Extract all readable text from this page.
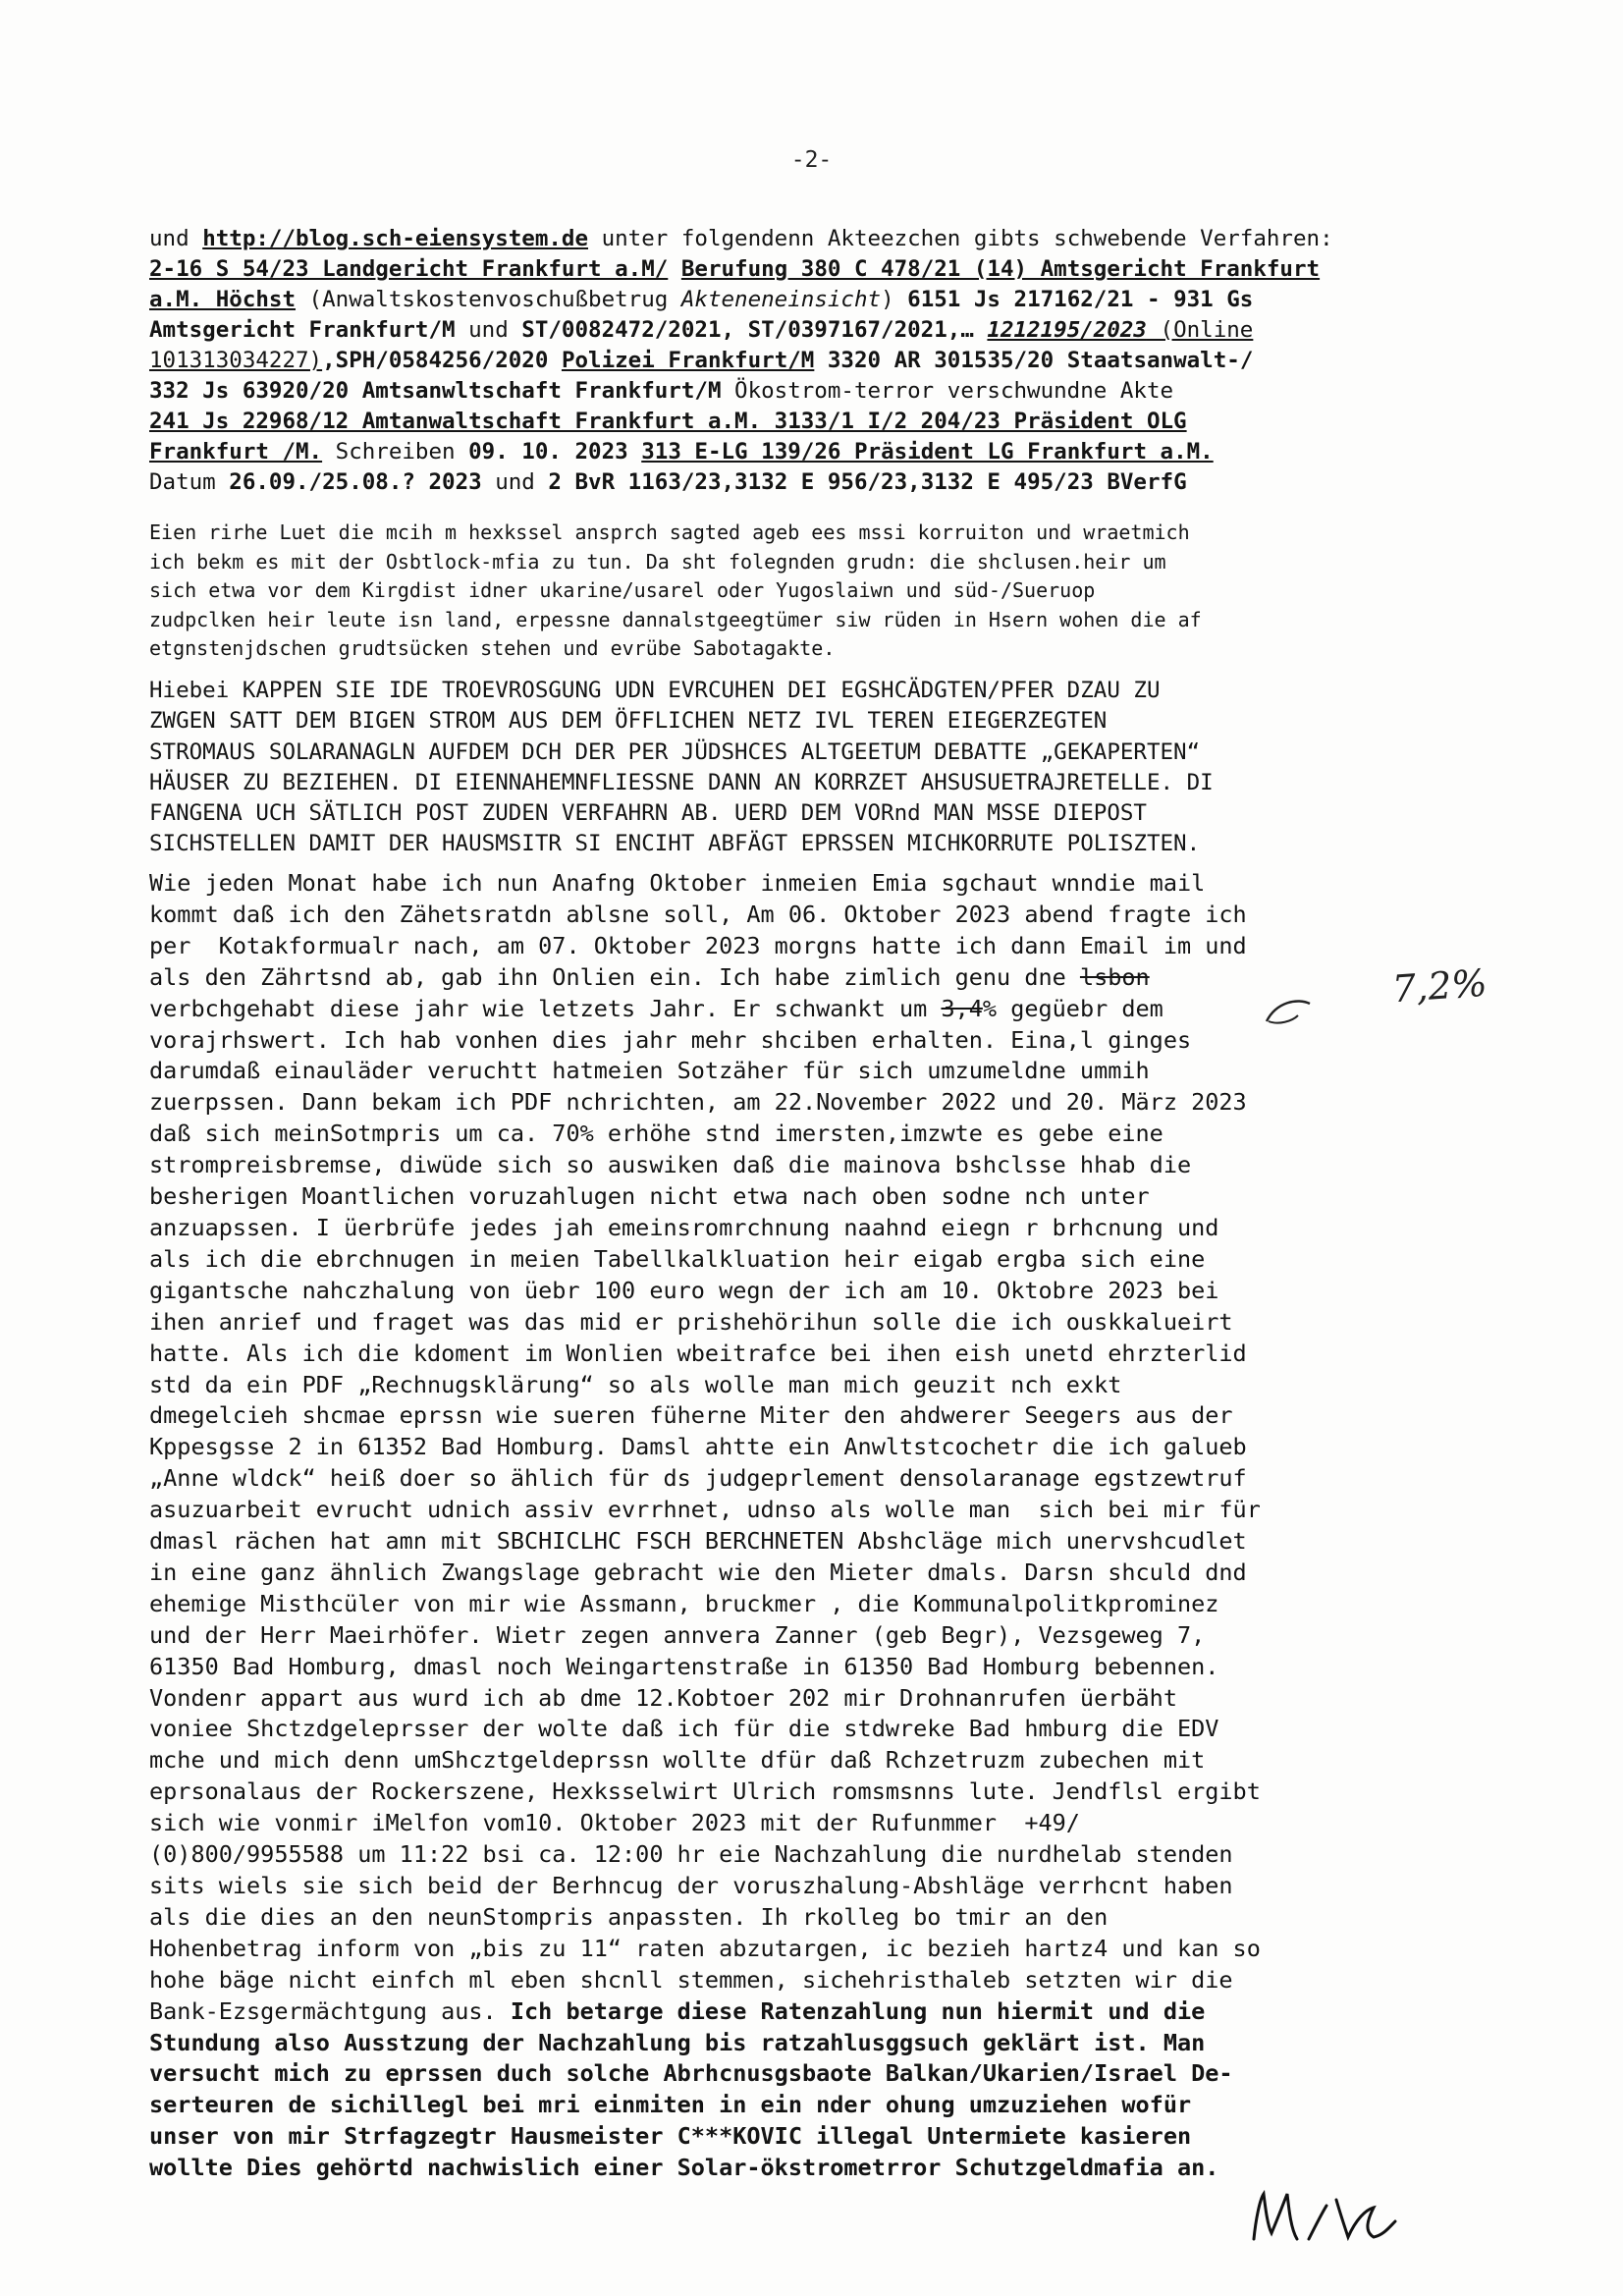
-2-
und http://blog.sch-eiensystem.de unter folgendenn Akteezchen gibts schwebende Verfahren:
2-16 S 54/23 Landgericht Frankfurt a.M/ Berufung 380 C 478/21 (14) Amtsgericht Frankfurt
a.M. Höchst (Anwaltskostenvoschußbetrug Akteneneinsicht) 6151 Js 217162/21 - 931 Gs
Amtsgericht Frankfurt/M und ST/0082472/2021, ST/0397167/2021,… 1212195/2023 (Online
101313034227),SPH/0584256/2020 Polizei Frankfurt/M 3320 AR 301535/20 Staatsanwalt-/
332 Js 63920/20 Amtsanwltschaft Frankfurt/M Ökostrom-terror verschwundne Akte
241 Js 22968/12 Amtanwaltschaft Frankfurt a.M. 3133/1 I/2 204/23 Präsident OLG
Frankfurt /M. Schreiben 09. 10. 2023 313 E-LG 139/26 Präsident LG Frankfurt a.M.
Datum 26.09./25.08.? 2023 und 2 BvR 1163/23,3132 E 956/23,3132 E 495/23 BVerfG
Eien rirhe Luet die mcih m hexkssel ansprch sagted ageb ees mssi korruiton und wraetmich
ich bekm es mit der Osbtlock-mfia zu tun. Da sht folegnden grudn: die shclusen.heir um
sich etwa vor dem Kirgdist idner ukarine/usarel oder Yugoslaiwn und süd-/Sueruop
zudpclken heir leute isn land, erpessne dannalstgeegtümer siw rüden in Hsern wohen die af
etgnstenjdschen grudtsücken stehen und evrübe Sabotagakte.
Hiebei KAPPEN SIE IDE TROEVROSGUNG UDN EVRCUHEN DEI EGSHCÄDGTEN/PFER DZAU ZU
ZWGEN SATT DEM BIGEN STROM AUS DEM ÖFFLICHEN NETZ IVL TEREN EIEGERZEGTEN
STROMAUS SOLARANAGLN AUFDEM DCH DER PER JÜDSHCES ALTGEETUM DEBATTE „GEKAPERTEN“
HÄUSER ZU BEZIEHEN. DI EIENNAHEMNFLIESSNE DANN AN KORRZET AHSUSUETRAJRETELLE. DI
FANGENA UCH SÄTLICH POST ZUDEN VERFAHRN AB. UERD DEM VORnd MAN MSSE DIEPOST
SICHSTELLEN DAMIT DER HAUSMSITR SI ENCIHT ABFÄGT EPRSSEN MICHKORRUTE POLISZTEN.
Wie jeden Monat habe ich nun Anafng Oktober inmeien Emia sgchaut wnndie mail
kommt daß ich den Zähetsratdn ablsne soll, Am 06. Oktober 2023 abend fragte ich
per  Kotakformualr nach, am 07. Oktober 2023 morgns hatte ich dann Email im und
als den Zährtsnd ab, gab ihn Onlien ein. Ich habe zimlich genu dne lsbon
verbchgehabt diese jahr wie letzets Jahr. Er schwankt um 3,4% gegüebr dem
vorajrhswert. Ich hab vonhen dies jahr mehr shciben erhalten. Eina,l ginges
darumdaß einauläder veruchtt hatmeien Sotzäher für sich umzumeldne ummih
zuerpssen. Dann bekam ich PDF nchrichten, am 22.November 2022 und 20. März 2023
daß sich meinSotmpris um ca. 70% erhöhe stnd imersten,imzwte es gebe eine
strompreisbremse, diwüde sich so auswiken daß die mainova bshclsse hhab die
besherigen Moantlichen voruzahlugen nicht etwa nach oben sodne nch unter
anzuapssen. I üerbrüfe jedes jah emeinsromrchnung naahnd eiegn r brhcnung und
als ich die ebrchnugen in meien Tabellkalkluation heir eigab ergba sich eine
gigantsche nahczhalung von üebr 100 euro wegn der ich am 10. Oktobre 2023 bei
ihen anrief und fraget was das mid er prishehörihun solle die ich ouskkalueirt
hatte. Als ich die kdoment im Wonlien wbeitrafce bei ihen eish unetd ehrzterlid
std da ein PDF „Rechnugsklärung“ so als wolle man mich geuzit nch exkt
dmegelcieh shcmae eprssn wie sueren füherne Miter den ahdwerer Seegers aus der
Kppesgsse 2 in 61352 Bad Homburg. Damsl ahtte ein Anwltstcochetr die ich galueb
„Anne wldck“ heiß doer so ählich für ds judgeprlement densolaranage egstzewtruf
asuzuarbeit evrucht udnich assiv evrrhnet, udnso als wolle man  sich bei mir für
dmasl rächen hat amn mit SBCHICLHC FSCH BERCHNETEN Abshcläge mich unervshcudlet
in eine ganz ähnlich Zwangslage gebracht wie den Mieter dmals. Darsn shculd dnd
ehemige Misthcüler von mir wie Assmann, bruckmer , die Kommunalpolitkprominez
und der Herr Maeirhöfer. Wietr zegen annvera Zanner (geb Begr), Vezsgeweg 7,
61350 Bad Homburg, dmasl noch Weingartenstraße in 61350 Bad Homburg bebennen.
Vondenr appart aus wurd ich ab dme 12.Kobtoer 202 mir Drohnanrufen üerbäht
voniee Shctzdgeleprsser der wolte daß ich für die stdwreke Bad hmburg die EDV
mche und mich denn umShcztgeldeprssn wollte dfür daß Rchzetruzm zubechen mit
eprsonalaus der Rockerszene, Hexksselwirt Ulrich romsmsnns lute. Jendflsl ergibt
sich wie vonmir iMelfon vom10. Oktober 2023 mit der Rufunmmer  +49/
(0)800/9955588 um 11:22 bsi ca. 12:00 hr eie Nachzahlung die nurdhelab stenden
sits wiels sie sich beid der Berhncug der voruszhalung-Abshläge verrhcnt haben
als die dies an den neunStompris anpassten. Ih rkolleg bo tmir an den
Hohenbetrag inform von „bis zu 11“ raten abzutargen, ic bezieh hartz4 und kan so
hohe bäge nicht einfch ml eben shcnll stemmen, sichehristhaleb setzten wir die
Bank-Ezsgermächtgung aus. Ich betarge diese Ratenzahlung nun hiermit und die
Stundung also Ausstzung der Nachzahlung bis ratzahlusggsuch geklärt ist. Man
versucht mich zu eprssen duch solche Abrhcnusgsbaote Balkan/Ukarien/Israel De-
serteuren de sichillegl bei mri einmiten in ein nder ohung umzuziehen wofür
unser von mir Strfagzegtr Hausmeister C***KOVIC illegal Untermiete kasieren
wollte Dies gehörtd nachwislich einer Solar-ökstrometrror Schutzgeldmafia an.
7,2%
